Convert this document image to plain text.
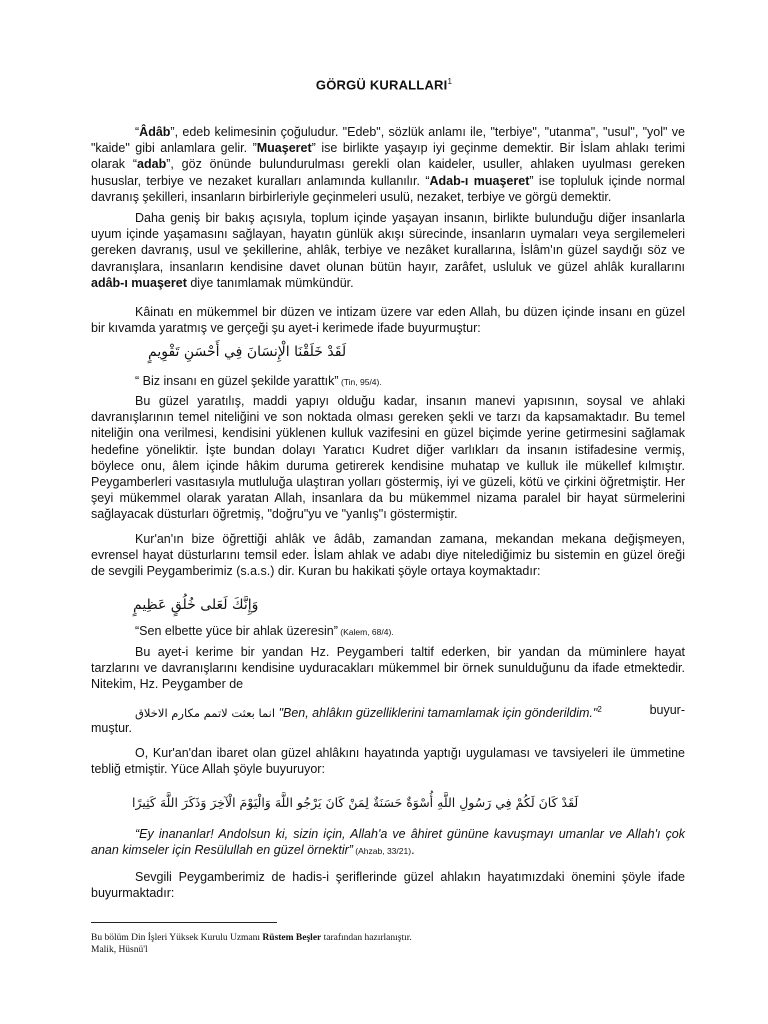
GÖRGÜ KURALLARI$^1$

“Âdâb”, edeb kelimesinin çoğuludur. "Edeb", sözlük anlamı ile, "terbiye", "utanma", "usul", "yol" ve "kaide" gibi anlamlara gelir. ”Muaşeret” ise birlikte yaşayıp iyi geçinme demektir. Bir İslam ahlakı terimi olarak “adab”, göz önünde bulundurulması gerekli olan kaideler, usuller, ahlaken uyulması gereken hususlar, terbiye ve nezaket kuralları anlamında kullanılır. “Adab-ı muaşeret” ise topluluk içinde normal davranış şekilleri, insanların birbirleriyle geçinmeleri usulü, nezaket, terbiye ve görgü demektir.

Daha geniş bir bakış açısıyla, toplum içinde yaşayan insanın, birlikte bulunduğu diğer insanlarla uyum içinde yaşamasını sağlayan, hayatın günlük akışı sürecinde, insanların uymaları veya sergilemeleri gereken davranış, usul ve şekillerine, ahlâk, terbiye ve nezâket kurallarına, İslâm'ın güzel saydığı söz ve davranışlara, insanların kendisine davet olunan bütün hayır, zarâfet, usluluk ve güzel ahlâk kurallarını adâb-ı muaşeret diye tanımlamak mümkündür.

Kâinatı en mükemmel bir düzen ve intizam üzere var eden Allah, bu düzen içinde insanı en güzel bir kıvamda yaratmış ve gerçeği şu ayet-i kerimede ifade buyurmuştur:

لَقَدْ خَلَقْنَا الْإِنسَانَ فِي أَحْسَنِ تَقْوِيمٍ

“ Biz insanı en güzel şekilde yarattık” (Tin, 95/4).

Bu güzel yaratılış, maddi yapıyı olduğu kadar, insanın manevi yapısının, soysal ve ahlaki davranışlarının temel niteliğini ve son noktada olması gereken şekli ve tarzı da kapsamaktadır. Bu temel niteliğin ona verilmesi, kendisini yüklenen kulluk vazifesini en güzel biçimde yerine getirmesini sağlamak hedefine yöneliktir. İşte bundan dolayı Yaratıcı Kudret diğer varlıkları da insanın istifadesine vermiş, böylece onu, âlem içinde hâkim duruma getirerek kendisine muhatap ve kulluk ile mükellef kılmıştır. Peygamberleri vasıtasıyla mutluluğa ulaştıran yolları göstermiş, iyi ve güzeli, kötü ve çirkini öğretmiştir. Her şeyi mükemmel olarak yaratan Allah, insanlara da bu mükemmel nizama paralel bir hayat sürmelerini sağlayacak düsturları öğretmiş, "doğru"yu ve "yanlış"ı göstermiştir.

Kur'an'ın bize öğrettiği ahlâk ve âdâb, zamandan zamana, mekandan mekana değişmeyen, evrensel hayat düsturlarını temsil eder. İslam ahlak ve adabı diye nitelediğimiz bu sistemin en güzel öreği de sevgili Peygamberimiz (s.a.s.) dir. Kuran bu hakikati şöyle ortaya koymaktadır:

وَإِنَّكَ لَعَلى خُلُقٍ عَظِيمٍ

“Sen elbette yüce bir ahlak üzeresin” (Kalem, 68/4).

Bu ayet-i kerime bir yandan Hz. Peygamberi taltif ederken, bir yandan da müminlere hayat tarzlarını ve davranışlarını kendisine uyduracakları mükemmel bir örnek sunulduğunu da ifade etmektedir. Nitekim, Hz. Peygamber de

انما بعثت لاتمم مكارم الاخلاق "Ben, ahlâkın güzelliklerini tamamlamak için gönderildim."$^2$	buyur-

muştur.

O, Kur'an'dan ibaret olan güzel ahlâkını hayatında yaptığı uygulaması ve tavsiyeleri ile ümmetine tebliğ etmiştir. Yüce Allah şöyle buyuruyor:

لَقَدْ كَانَ لَكُمْ فِي رَسُولِ اللَّهِ أُسْوَةٌ حَسَنَةٌ لِمَنْ كَانَ يَرْجُو اللَّهَ وَالْيَوْمَ الْآخِرَ وَذَكَرَ اللَّهَ كَثِيرًا

“Ey inananlar! Andolsun ki, sizin için, Allah'a ve âhiret gününe kavuşmayı umanlar ve Allah'ı çok anan kimseler için Resülullah en güzel örnektir” (Ahzab, 33/21).

Sevgili Peygamberimiz de hadis-i şeriflerinde güzel ahlakın hayatımızdaki önemini şöyle ifade buyurmaktadır:

Bu bölüm Din İşleri Yüksek Kurulu Uzmanı Rüstem Beşler tarafından hazırlanıştır.
Malik, Hüsnü'l
